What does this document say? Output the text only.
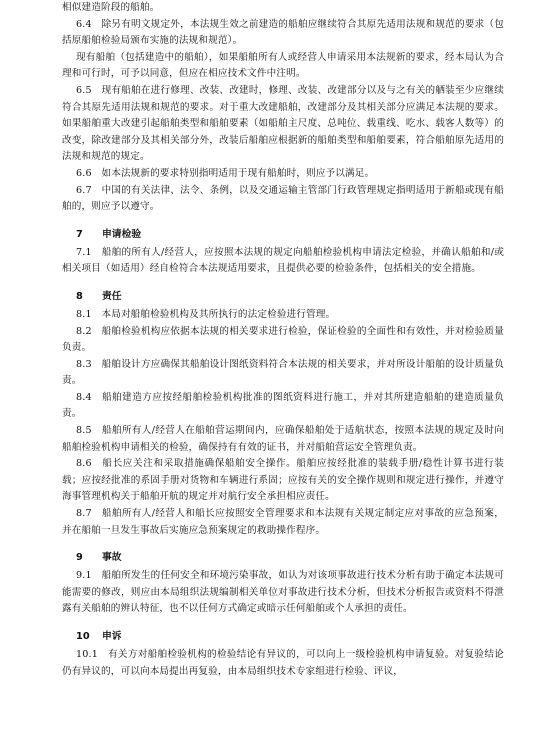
相似建造阶段的船舶。

6.4　除另有明文规定外，本法规生效之前建造的船舶应继续符合其原先适用法规和规范的要求（包括原船舶检验局颁布实施的法规和规范）。

现有船舶（包括建造中的船舶），如果船舶所有人或经营人申请采用本法规新的要求，经本局认为合理和可行时，可予以同意，但应在相应技术文件中注明。

6.5　现有船舶在进行修理、改装、改建时，修理、改装、改建部分以及与之有关的舾装至少应继续符合其原先适用法规和规范的要求。对于重大改建船舶，改建部分及其相关部分应满足本法规的要求。如果船舶重大改建引起船舶类型和船舶要素（如船舶主尺度、总吨位、载重线、吃水、载客人数等）的改变，除改建部分及其相关部分外，改装后船舶应根据新的船舶类型和船舶要素，符合船舶原先适用的法规和规范的规定。

6.6　如本法规新的要求特别指明适用于现有船舶时，则应予以满足。

6.7　中国的有关法律、法令、条例，以及交通运输主管部门行政管理规定指明适用于新船或现有船舶的，则应予以遵守。

7 申请检验

7.1　船舶的所有人/经营人，应按照本法规的规定向船舶检验机构申请法定检验，并确认船舶和/或相关项目（如适用）经自检符合本法规适用要求，且提供必要的检验条件，包括相关的安全措施。

8 责任

8.1　本局对船舶检验机构及其所执行的法定检验进行管理。

8.2　船舶检验机构应依据本法规的相关要求进行检验，保证检验的全面性和有效性，并对检验质量负责。

8.3　船舶设计方应确保其船舶设计图纸资料符合本法规的相关要求，并对所设计船舶的设计质量负责。

8.4　船舶建造方应按经船舶检验机构批准的图纸资料进行施工，并对其所建造船舶的建造质量负责。

8.5　船舶所有人/经营人在船舶营运期间内，应确保船舶处于适航状态，按照本法规的规定及时向船舶检验机构申请相关的检验，确保持有有效的证书，并对船舶营运安全管理负责。

8.6　船长应关注和采取措施确保船舶安全操作。船舶应按经批准的装载手册/稳性计算书进行装载；应按经批准的系固手册对货物和车辆进行系固；应按有关的安全操作规则和规定进行操作，并遵守海事管理机构关于船舶开航的规定并对航行安全承担相应责任。

8.7　船舶所有人/经营人和船长应按照安全管理要求和本法规有关规定制定应对事故的应急预案，并在船舶一旦发生事故后实施应急预案规定的救助操作程序。

9 事故

9.1　船舶所发生的任何安全和环境污染事故，如认为对该项事故进行技术分析有助于确定本法规可能需要的修改，则应由本局组织法规编制相关单位对事故进行技术分析，但技术分析报告或资料不得泄露有关船舶的辨认特征，也不以任何方式确定或暗示任何船舶或个人承担的责任。

10 申诉

10.1　有关方对船舶检验机构的检验结论有异议的，可以向上一级检验机构申请复验。对复验结论仍有异议的，可以向本局提出再复验，由本局组织技术专家组进行检验、评议，
